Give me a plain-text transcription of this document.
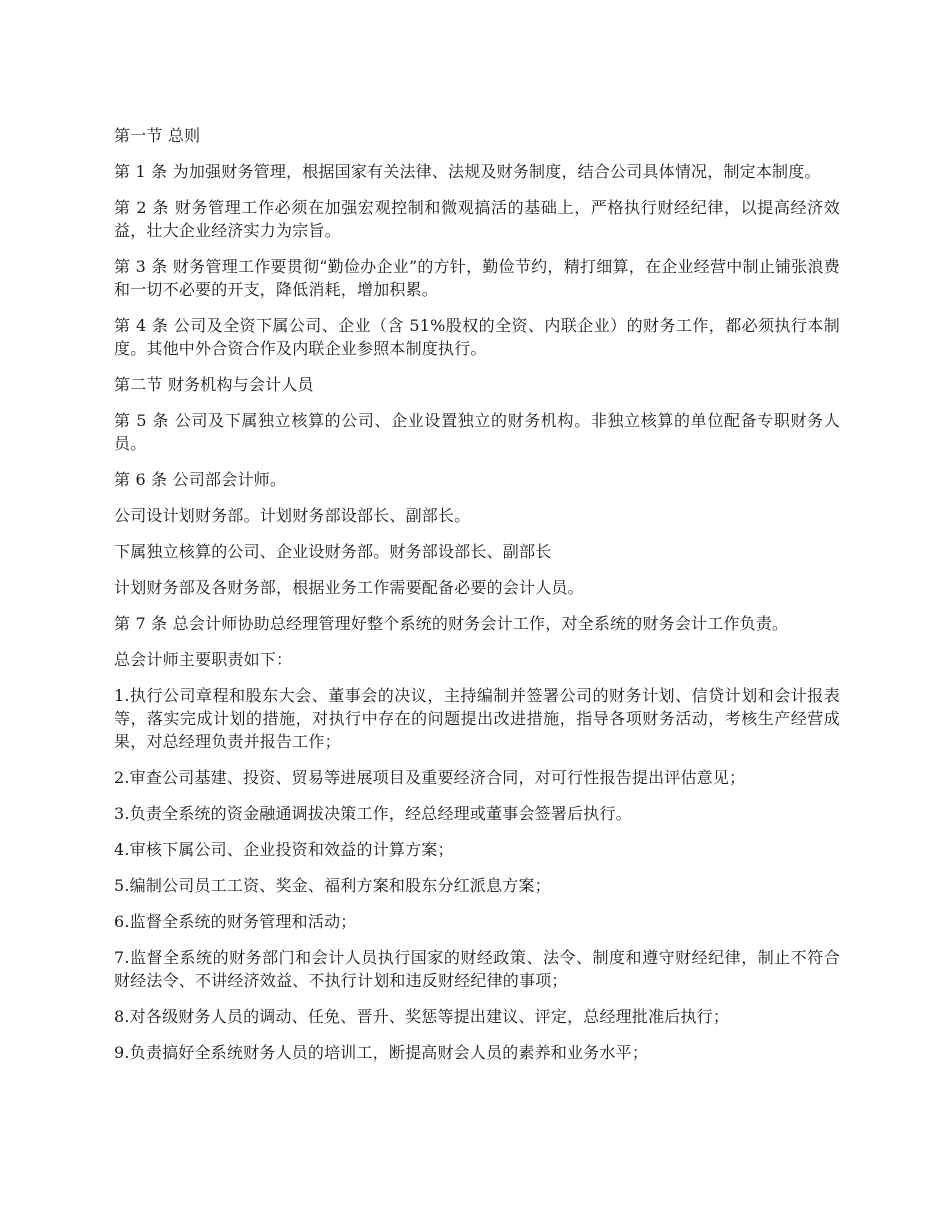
第一节 总则

第 1 条 为加强财务管理，根据国家有关法律、法规及财务制度，结合公司具体情况，制定本制度。

第 2 条 财务管理工作必须在加强宏观控制和微观搞活的基础上，严格执行财经纪律，以提高经济效益，壮大企业经济实力为宗旨。

第 3 条 财务管理工作要贯彻“勤俭办企业”的方针，勤俭节约，精打细算，在企业经营中制止铺张浪费和一切不必要的开支，降低消耗，增加积累。

第 4 条 公司及全资下属公司、企业（含 51%股权的全资、内联企业）的财务工作，都必须执行本制度。其他中外合资合作及内联企业参照本制度执行。

第二节 财务机构与会计人员

第 5 条 公司及下属独立核算的公司、企业设置独立的财务机构。非独立核算的单位配备专职财务人员。

第 6 条 公司部会计师。

公司设计划财务部。计划财务部设部长、副部长。

下属独立核算的公司、企业设财务部。财务部设部长、副部长

计划财务部及各财务部，根据业务工作需要配备必要的会计人员。

第 7 条 总会计师协助总经理管理好整个系统的财务会计工作，对全系统的财务会计工作负责。

总会计师主要职责如下：

1.执行公司章程和股东大会、董事会的决议，主持编制并签署公司的财务计划、信贷计划和会计报表等，落实完成计划的措施，对执行中存在的问题提出改进措施，指导各项财务活动，考核生产经营成果，对总经理负责并报告工作；

2.审查公司基建、投资、贸易等进展项目及重要经济合同，对可行性报告提出评估意见；

3.负责全系统的资金融通调拔决策工作，经总经理或董事会签署后执行。

4.审核下属公司、企业投资和效益的计算方案；

5.编制公司员工工资、奖金、福利方案和股东分红派息方案；

6.监督全系统的财务管理和活动；

7.监督全系统的财务部门和会计人员执行国家的财经政策、法令、制度和遵守财经纪律，制止不符合财经法令、不讲经济效益、不执行计划和违反财经纪律的事项；

8.对各级财务人员的调动、任免、晋升、奖惩等提出建议、评定，总经理批准后执行；

9.负责搞好全系统财务人员的培训工，断提高财会人员的素养和业务水平；
